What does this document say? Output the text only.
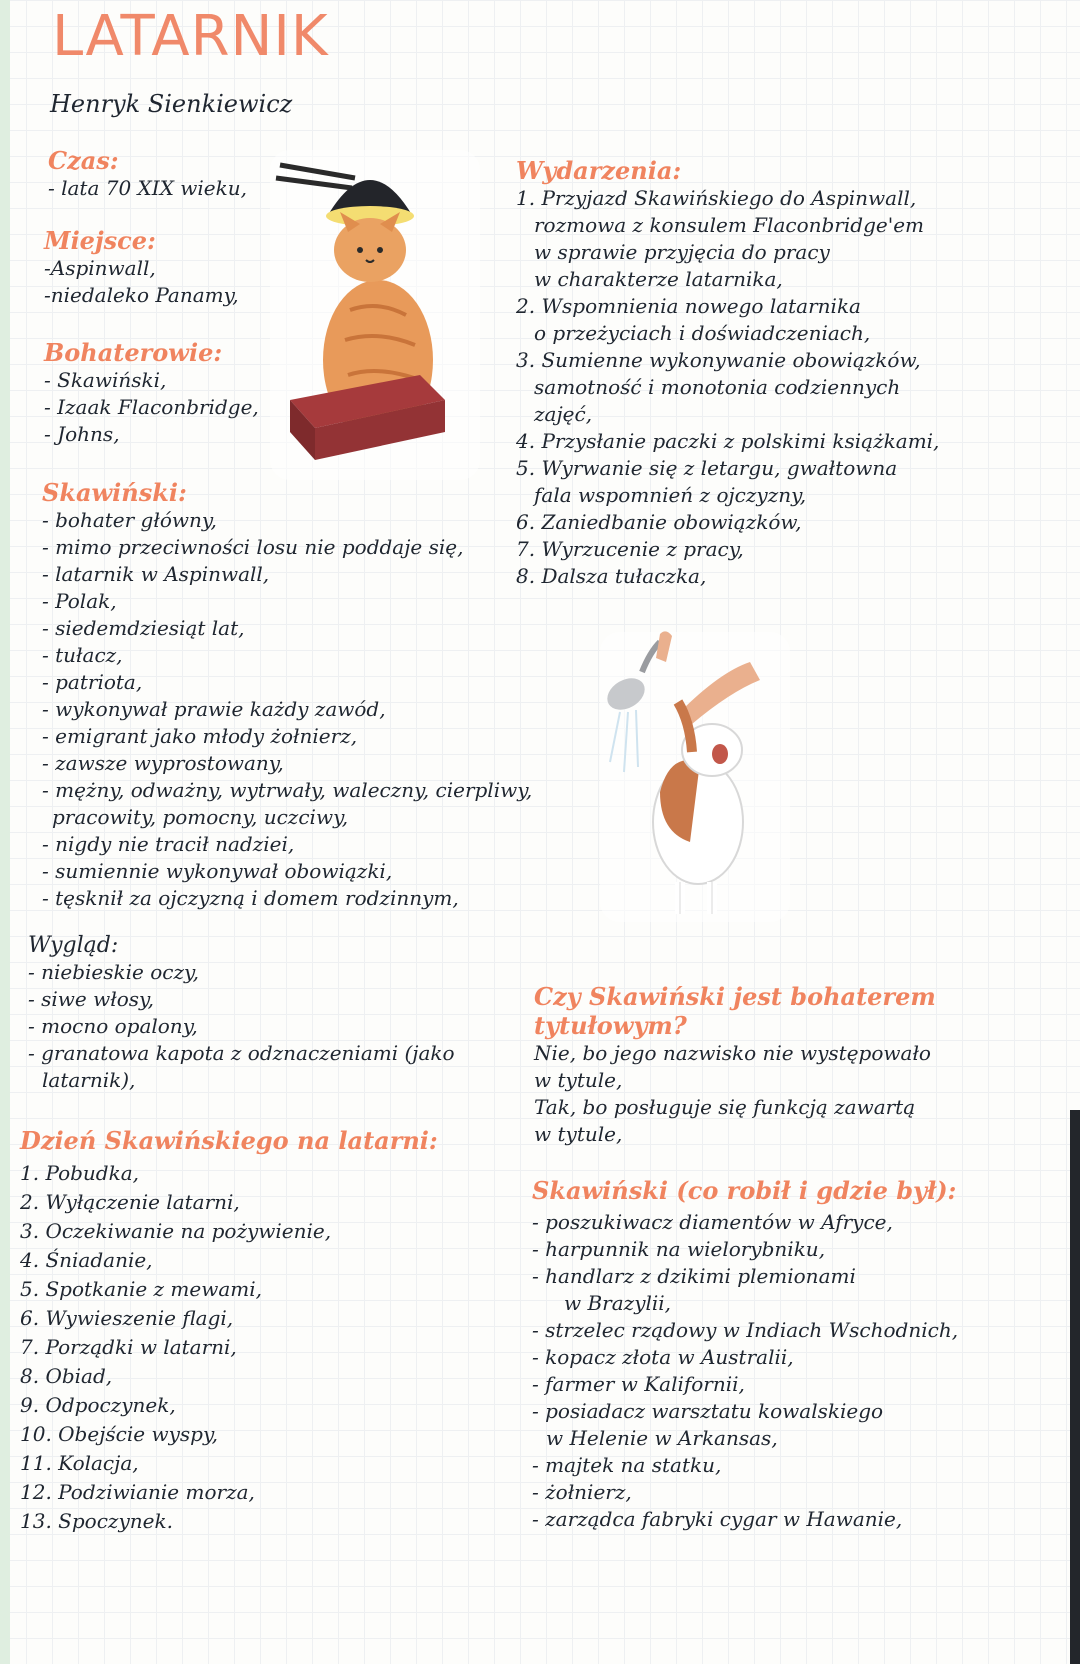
LATARNIK
Henryk Sienkiewicz
Czas:
- lata 70 XIX wieku,
Miejsce:
-Aspinwall,
-niedaleko Panamy,
Bohaterowie:
- Skawiński,
- Izaak Flaconbridge,
- Johns,
Skawiński:
- bohater główny,
- mimo przeciwności losu nie poddaje się,
- latarnik w Aspinwall,
- Polak,
- siedemdziesiąt lat,
- tułacz,
- patriota,
- wykonywał prawie każdy zawód,
- emigrant jako młody żołnierz,
- zawsze wyprostowany,
- mężny, odważny, wytrwały, waleczny, cierpliwy,
pracowity, pomocny, uczciwy,
- nigdy nie tracił nadziei,
- sumiennie wykonywał obowiązki,
- tęsknił za ojczyzną i domem rodzinnym,
Wygląd:
- niebieskie oczy,
- siwe włosy,
- mocno opalony,
- granatowa kapota z odznaczeniami (jako
latarnik),
Dzień Skawińskiego na latarni:
1. Pobudka,
2. Wyłączenie latarni,
3. Oczekiwanie na pożywienie,
4. Śniadanie,
5. Spotkanie z mewami,
6. Wywieszenie flagi,
7. Porządki w latarni,
8. Obiad,
9. Odpoczynek,
10. Obejście wyspy,
11. Kolacja,
12. Podziwianie morza,
13. Spoczynek.
Wydarzenia:
1. Przyjazd Skawińskiego do Aspinwall,
rozmowa z konsulem Flaconbridge'em
w sprawie przyjęcia do pracy
w charakterze latarnika,
2. Wspomnienia nowego latarnika
o przeżyciach i doświadczeniach,
3. Sumienne wykonywanie obowiązków,
samotność i monotonia codziennych
zajęć,
4. Przysłanie paczki z polskimi książkami,
5. Wyrwanie się z letargu, gwałtowna
fala wspomnień z ojczyzny,
6. Zaniedbanie obowiązków,
7. Wyrzucenie z pracy,
8. Dalsza tułaczka,
Czy Skawiński jest bohaterem
tytułowym?
Nie, bo jego nazwisko nie występowało
w tytule,
Tak, bo posługuje się funkcją zawartą
w tytule,
Skawiński (co robił i gdzie był):
- poszukiwacz diamentów w Afryce,
- harpunnik na wielorybniku,
- handlarz z dzikimi plemionami
w Brazylii,
- strzelec rządowy w Indiach Wschodnich,
- kopacz złota w Australii,
- farmer w Kalifornii,
- posiadacz warsztatu kowalskiego
w Helenie w Arkansas,
- majtek na statku,
- żołnierz,
- zarządca fabryki cygar w Hawanie,
